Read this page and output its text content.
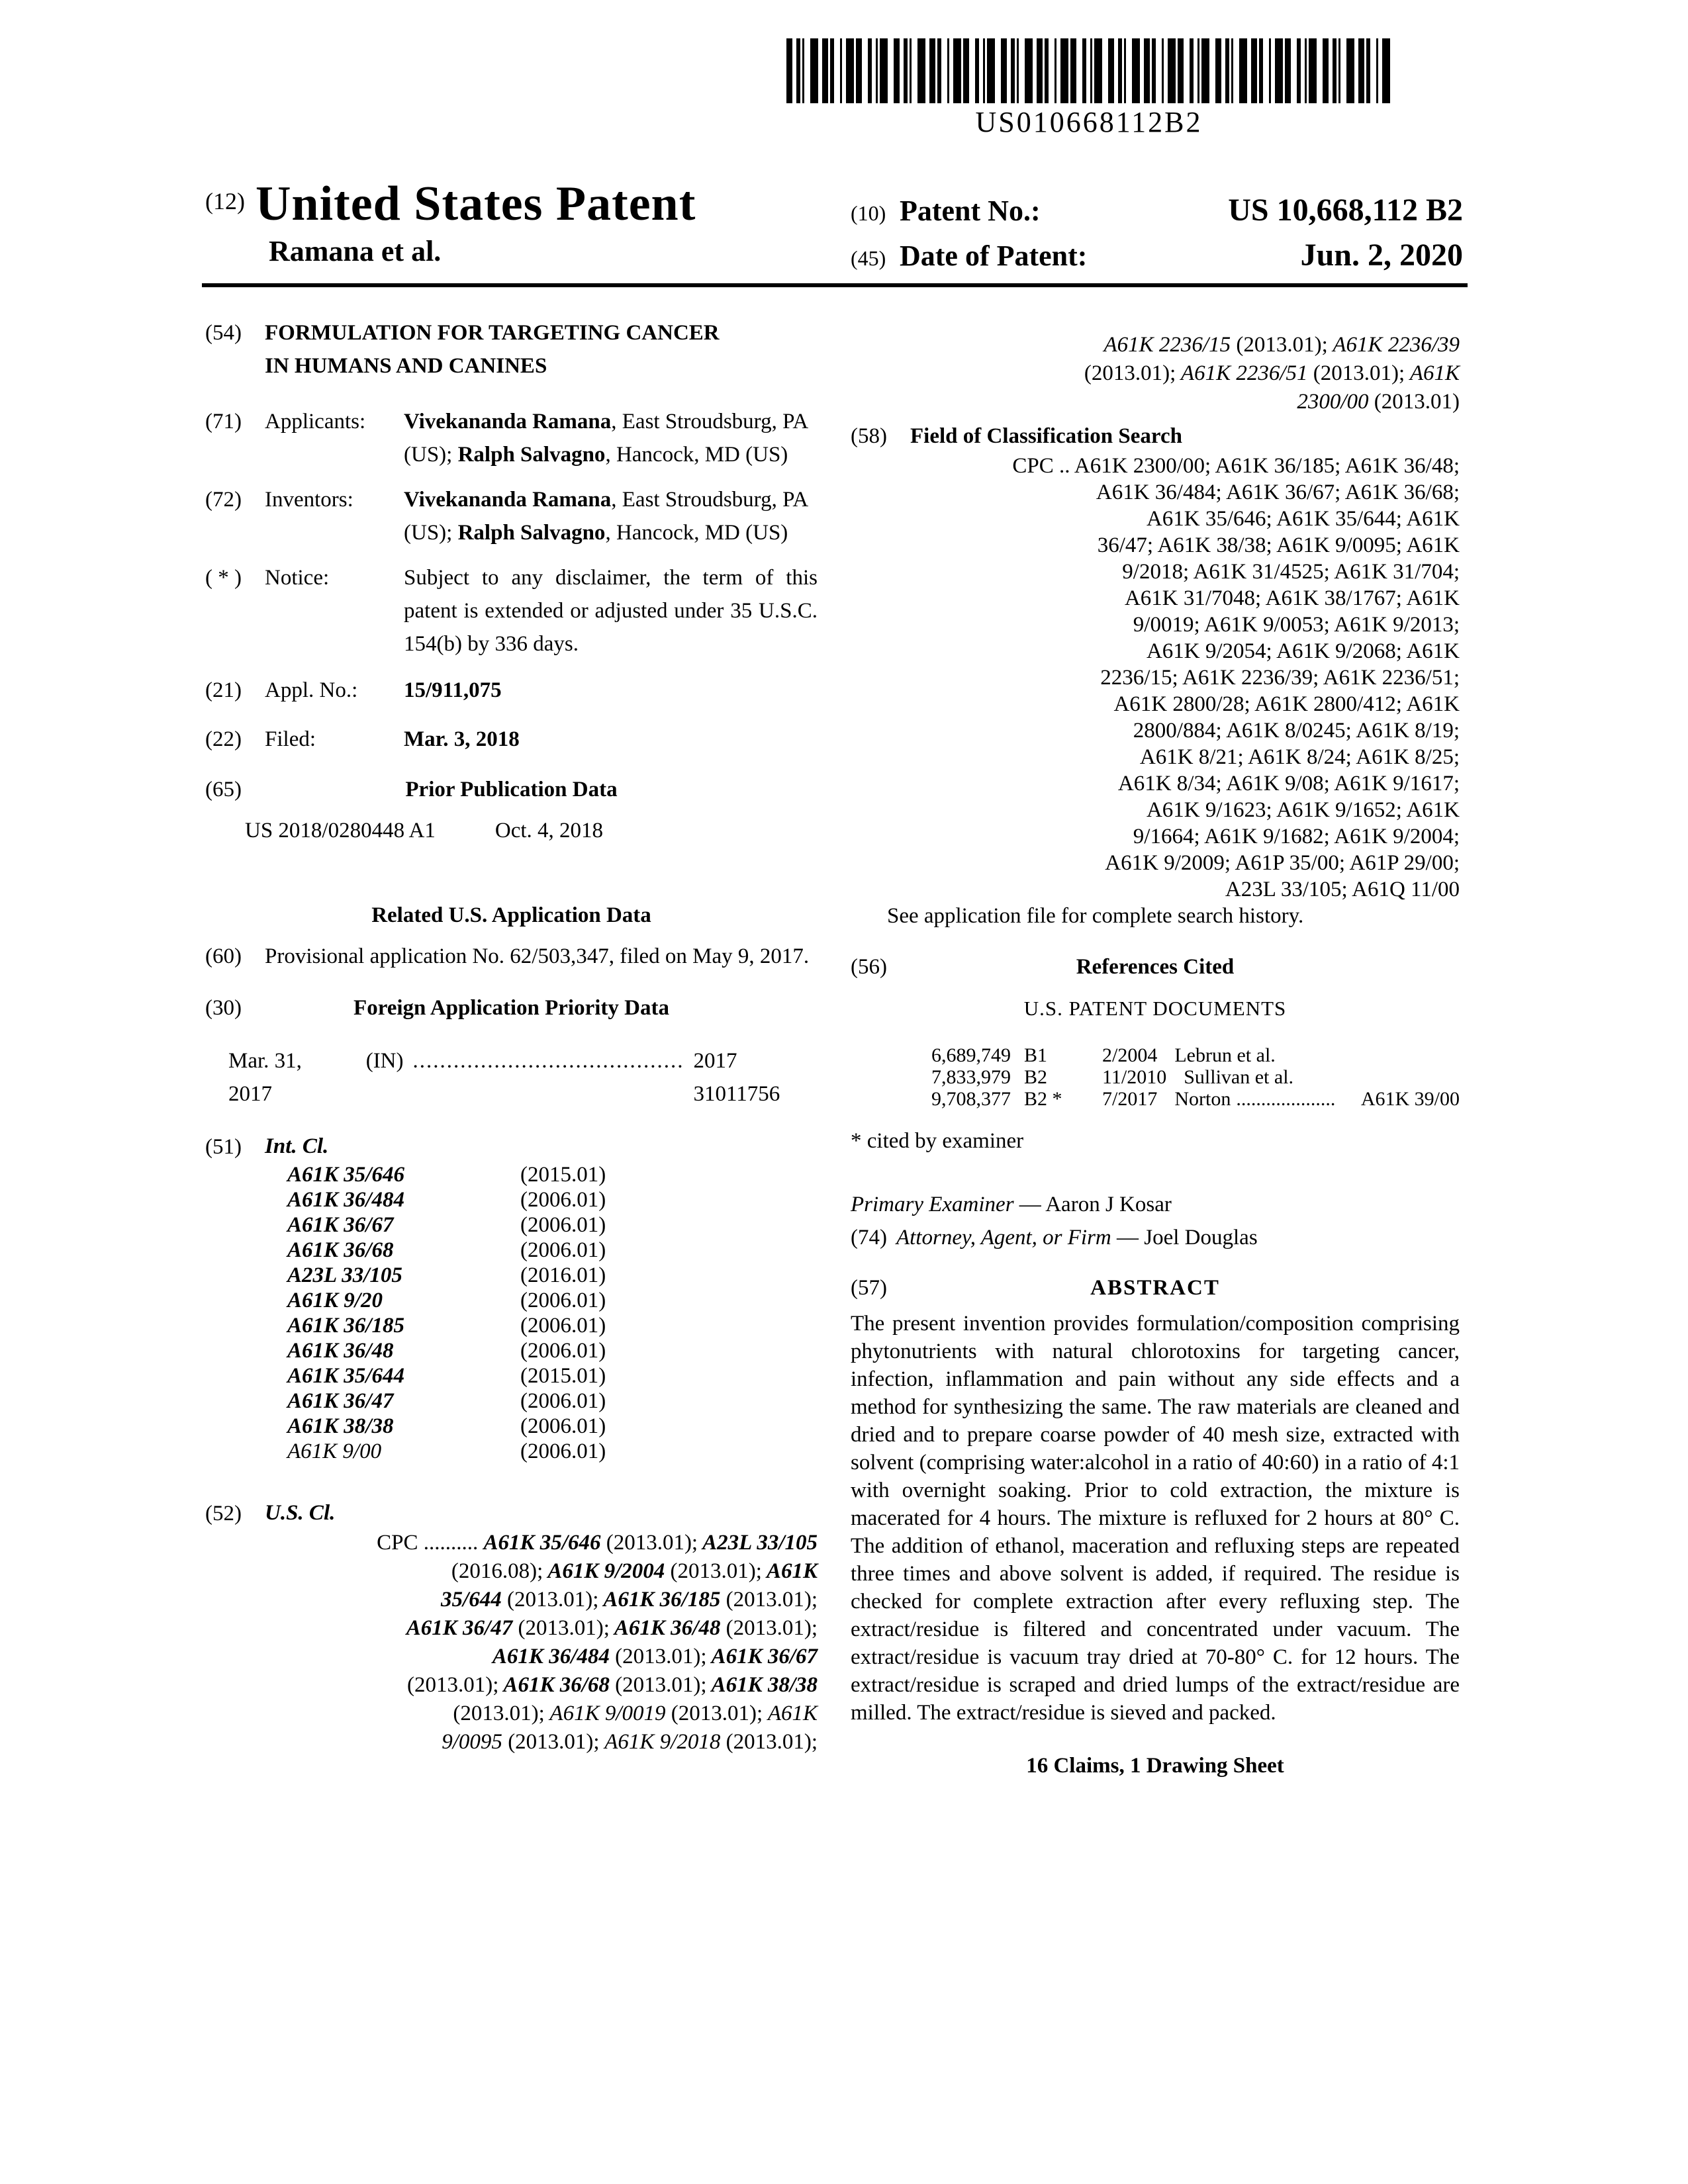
US010668112B2
(12) United States Patent
Ramana et al.
(10) Patent No.:	US 10,668,112 B2
(45) Date of Patent:	Jun. 2, 2020
(54) FORMULATION FOR TARGETING CANCER
IN HUMANS AND CANINES
(71) Applicants: Vivekananda Ramana, East Stroudsburg, PA (US); Ralph Salvagno, Hancock, MD (US)
(72) Inventors: Vivekananda Ramana, East Stroudsburg, PA (US); Ralph Salvagno, Hancock, MD (US)
( * ) Notice:	Subject to any disclaimer, the term of this patent is extended or adjusted under 35 U.S.C. 154(b) by 336 days.
(21) Appl. No.: 15/911,075
(22) Filed:	Mar. 3, 2018
(65)	Prior Publication Data
US 2018/0280448 A1	Oct. 4, 2018
Related U.S. Application Data
(60) Provisional application No. 62/503,347, filed on May 9, 2017.
(30)	Foreign Application Priority Data
Mar. 31, 2017
(IN) ........................................ 2017 31011756
(51) Int. Cl.
A61K 35/646	(2015.01)
A61K 36/484	(2006.01)
A61K 36/67	(2006.01)
A61K 36/68	(2006.01)
A23L 33/105	(2016.01)
A61K 9/20	(2006.01)
A61K 36/185	(2006.01)
A61K 36/48	(2006.01)
A61K 35/644	(2015.01)
A61K 36/47	(2006.01)
A61K 38/38	(2006.01)
A61K 9/00	(2006.01)
(52) U.S. Cl.
CPC .......... A61K 35/646 (2013.01); A23L 33/105
(2016.08); A61K 9/2004 (2013.01); A61K
35/644 (2013.01); A61K 36/185 (2013.01);
A61K 36/47 (2013.01); A61K 36/48 (2013.01);
A61K 36/484 (2013.01); A61K 36/67
(2013.01); A61K 36/68 (2013.01); A61K 38/38
(2013.01); A61K 9/0019 (2013.01); A61K
9/0095 (2013.01); A61K 9/2018 (2013.01);
A61K 2236/15 (2013.01); A61K 2236/39
(2013.01); A61K 2236/51 (2013.01); A61K
2300/00 (2013.01)
(58) Field of Classification Search
CPC .. A61K 2300/00; A61K 36/185; A61K 36/48;
A61K 36/484; A61K 36/67; A61K 36/68;
A61K 35/646; A61K 35/644; A61K
36/47; A61K 38/38; A61K 9/0095; A61K
9/2018; A61K 31/4525; A61K 31/704;
A61K 31/7048; A61K 38/1767; A61K
9/0019; A61K 9/0053; A61K 9/2013;
A61K 9/2054; A61K 9/2068; A61K
2236/15; A61K 2236/39; A61K 2236/51;
A61K 2800/28; A61K 2800/412; A61K
2800/884; A61K 8/0245; A61K 8/19;
A61K 8/21; A61K 8/24; A61K 8/25;
A61K 8/34; A61K 9/08; A61K 9/1617;
A61K 9/1623; A61K 9/1652; A61K
9/1664; A61K 9/1682; A61K 9/2004;
A61K 9/2009; A61P 35/00; A61P 29/00;
A23L 33/105; A61Q 11/00
See application file for complete search history.
(56)	References Cited
U.S. PATENT DOCUMENTS
6,689,749 B1	2/2004 Lebrun et al.
7,833,979 B2	11/2010 Sullivan et al.
9,708,377 B2 *	7/2017 Norton ....................	A61K 39/00
* cited by examiner
Primary Examiner — Aaron J Kosar
(74) Attorney, Agent, or Firm — Joel Douglas
(57)	ABSTRACT
The present invention provides formulation/composition comprising phytonutrients with natural chlorotoxins for targeting cancer, infection, inflammation and pain without any side effects and a method for synthesizing the same. The raw materials are cleaned and dried and to prepare coarse powder of 40 mesh size, extracted with solvent (comprising water:alcohol in a ratio of 40:60) in a ratio of 4:1 with overnight soaking. Prior to cold extraction, the mixture is macerated for 4 hours. The mixture is refluxed for 2 hours at 80° C. The addition of ethanol, maceration and refluxing steps are repeated three times and above solvent is added, if required. The residue is checked for complete extraction after every refluxing step. The extract/residue is filtered and concentrated under vacuum. The extract/residue is vacuum tray dried at 70-80° C. for 12 hours. The extract/residue is scraped and dried lumps of the extract/residue are milled. The extract/residue is sieved and packed.
16 Claims, 1 Drawing Sheet
